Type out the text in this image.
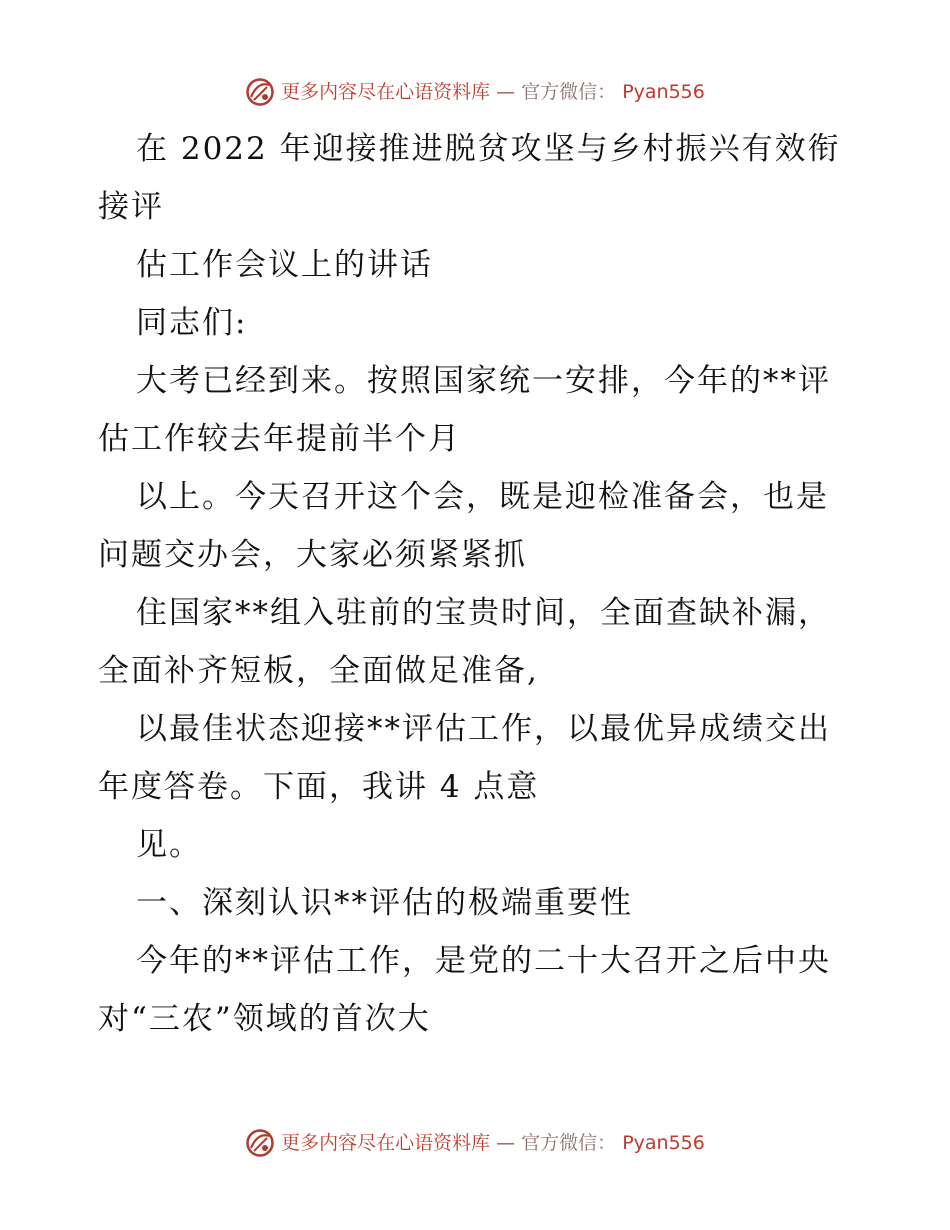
更多内容尽在心语资料库 — 官方微信： Pyan556

在 2022 年迎接推进脱贫攻坚与乡村振兴有效衔接评

估工作会议上的讲话

同志们:

大考已经到来。按照国家统一安排，今年的**评估工作较去年提前半个月

以上。今天召开这个会，既是迎检准备会，也是问题交办会，大家必须紧紧抓

住国家**组入驻前的宝贵时间，全面查缺补漏，全面补齐短板，全面做足准备,

以最佳状态迎接**评估工作，以最优异成绩交出年度答卷。下面，我讲 4 点意

见。

一、深刻认识**评估的极端重要性

今年的**评估工作，是党的二十大召开之后中央对“三农”领域的首次大

更多内容尽在心语资料库 — 官方微信： Pyan556
